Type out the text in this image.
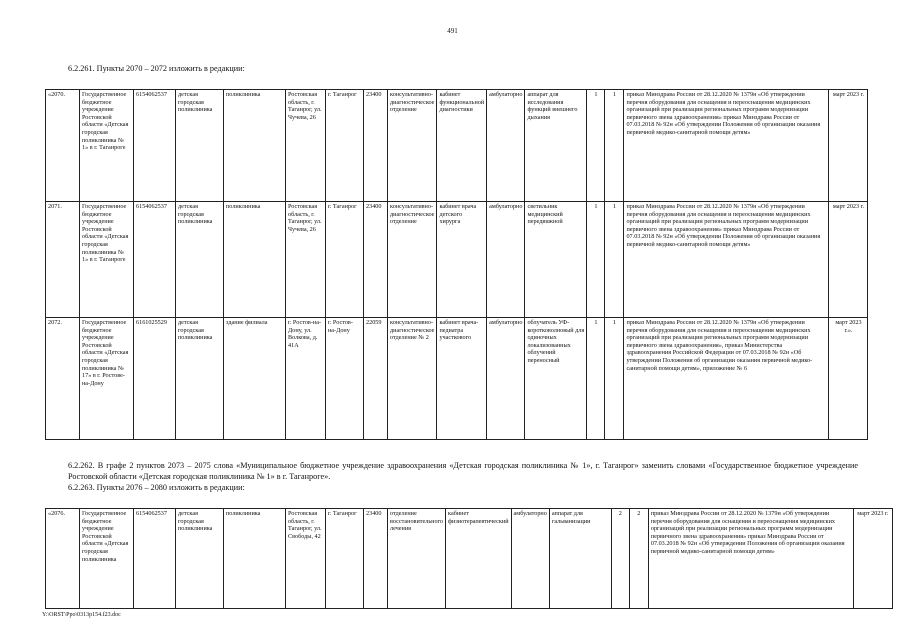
491
6.2.261. Пункты 2070 – 2072 изложить в редакции:
«2070.	Государственное бюджетное учреждение Ростовской области «Детская городская поликлиника № 1» в г. Таганроге	6154062537	детская городская поликлиника	поликлиника	Ростовская область, г. Таганрог, ул. Чучева, 26	г. Таганрог	23400	консультативно-диагностическое отделение	кабинет функциональной диагностики	амбулаторно	аппарат для исследования функций внешнего дыхания	1	1	приказ Минздрава России от 28.12.2020 № 1379н «Об утверждении перечня оборудования для оснащения и переоснащения медицинских организаций при реализации региональных программ модернизации первичного звена здравоохранения» приказ Минздрава России от 07.03.2018 № 92н «Об утверждении Положения об организации оказания первичной медико-санитарной помощи детям»	март 2023 г.
2071.	Государственное бюджетное учреждение Ростовской области «Детская городская поликлиника № 1» в г. Таганроге	6154062537	детская городская поликлиника	поликлиника	Ростовская область, г. Таганрог, ул. Чучева, 26	г. Таганрог	23400	консультативно-диагностическое отделение	кабинет врача детского хирурга	амбулаторно	светильник медицинский передвижной	1	1	приказ Минздрава России от 28.12.2020 № 1379н «Об утверждении перечня оборудования для оснащения и переоснащения медицинских организаций при реализации региональных программ модернизации первичного звена здравоохранения» приказ Минздрава России от 07.03.2018 № 92н «Об утверждении Положения об организации оказания первичной медико-санитарной помощи детям»	март 2023 г.
2072.	Государственное бюджетное учреждение Ростовской области «Детская городская поликлиника № 17» в г. Ростове-на-Дону	6161025529	детская городская поликлиника	здание филиала	г. Ростов-на-Дону, ул. Волкова, д. 41А	г. Ростов-на-Дону	22059	консультативно-диагностическое отделение № 2	кабинет врача-педиатра участкового	амбулаторно	облучатель УФ-коротковолновый для одиночных локализованных облучений переносный	1	1	приказ Минздрава России от 28.12.2020 № 1379н «Об утверждении перечня оборудования для оснащения и переоснащения медицинских организаций при реализации региональных программ модернизации первичного звена здравоохранения», приказ Министерства здравоохранения Российской Федерации от 07.03.2018 № 92н «Об утверждении Положения об организации оказания первичной медико-санитарной помощи детям», приложение № 6	март 2023 г.».
6.2.262. В графе 2 пунктов 2073 – 2075 слова «Муниципальное бюджетное учреждение здравоохранения «Детская городская поликлиника № 1», г. Таганрог» заменить словами «Государственное бюджетное учреждение Ростовской области «Детская городская поликлиника № 1» в г. Таганроге».
6.2.263. Пункты 2076 – 2080 изложить в редакции:
«2076.	Государственное бюджетное учреждение Ростовской области «Детская городская поликлиника	6154062537	детская городская поликлиника	поликлиника	Ростовская область, г. Таганрог, ул. Свободы, 42	г. Таганрог	23400	отделение восстановительного лечения	кабинет физиотерапевтический	амбулаторно	аппарат для гальванизации	2	2	приказ Минздрава России от 28.12.2020 № 1379н «Об утверждении перечня оборудования для оснащения и переоснащения медицинских организаций при реализации региональных программ модернизации первичного звена здравоохранения» приказ Минздрава России от 07.03.2018 № 92н «Об утверждении Положения об организации оказания первичной медико-санитарной помощи детям»	март 2023 г.
Y:\ORST\Ppo\0313p154.f23.doc
